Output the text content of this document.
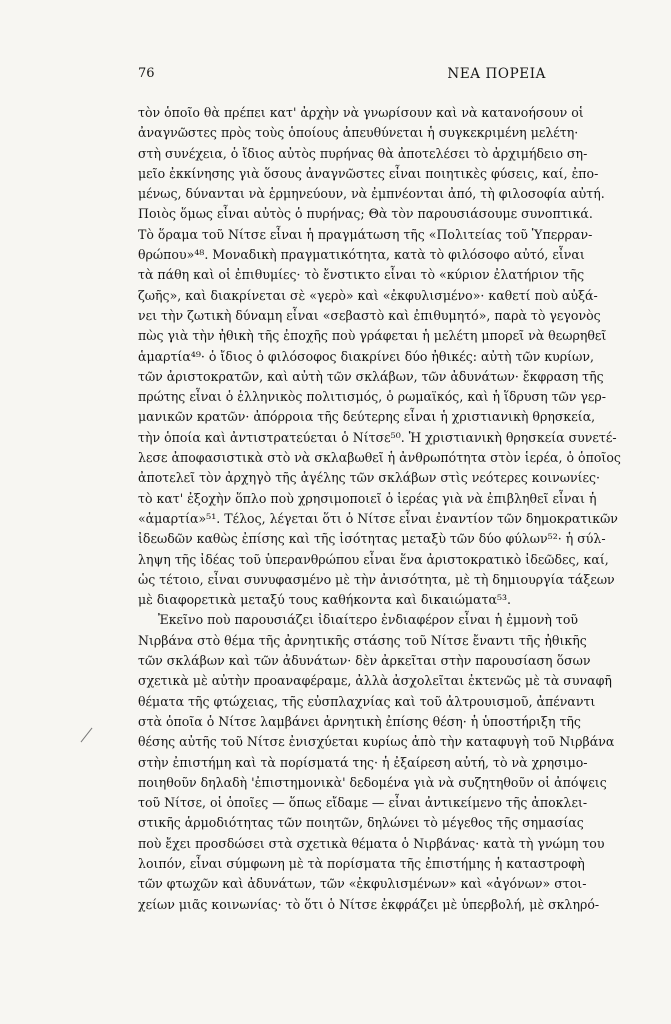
76	ΝΕΑ ΠΟΡΕΙΑ
τὸν ὁποῖο θὰ πρέπει κατ' ἀρχὴν νὰ γνωρίσουν καὶ νὰ κατανοήσουν οἱ
ἀναγνῶστες πρὸς τοὺς ὁποίους ἀπευθύνεται ἡ συγκεκριμένη μελέτη·
στὴ συνέχεια, ὁ ἴδιος αὐτὸς πυρήνας θὰ ἀποτελέσει τὸ ἀρχιμήδειο ση-
μεῖο ἐκκίνησης γιὰ ὅσους ἀναγνῶστες εἶναι ποιητικὲς φύσεις, καί, ἐπο-
μένως, δύνανται νὰ ἑρμηνεύουν, νὰ ἐμπνέονται ἀπό, τὴ φιλοσοφία αὐτή.
Ποιὸς ὅμως εἶναι αὐτὸς ὁ πυρήνας; Θὰ τὸν παρουσιάσουμε συνοπτικά.
Τὸ ὅραμα τοῦ Νίτσε εἶναι ἡ πραγμάτωση τῆς «Πολιτείας τοῦ Ὑπερραν-
θρώπου»⁴⁸. Μοναδικὴ πραγματικότητα, κατὰ τὸ φιλόσοφο αὐτό, εἶναι
τὰ πάθη καὶ οἱ ἐπιθυμίες· τὸ ἔνστικτο εἶναι τὸ «κύριον ἐλατήριον τῆς
ζωῆς», καὶ διακρίνεται σὲ «γερὸ» καὶ «ἐκφυλισμένο»· καθετί ποὺ αὐξά-
νει τὴν ζωτικὴ δύναμη εἶναι «σεβαστὸ καὶ ἐπιθυμητό», παρὰ τὸ γεγονὸς
πὼς γιὰ τὴν ἠθικὴ τῆς ἐποχῆς ποὺ γράφεται ἡ μελέτη μπορεῖ νὰ θεωρηθεῖ
ἁμαρτία⁴⁹· ὁ ἴδιος ὁ φιλόσοφος διακρίνει δύο ἠθικές: αὐτὴ τῶν κυρίων,
τῶν ἀριστοκρατῶν, καὶ αὐτὴ τῶν σκλάβων, τῶν ἀδυνάτων· ἔκφραση τῆς
πρώτης εἶναι ὁ ἑλληνικὸς πολιτισμός, ὁ ρωμαϊκός, καὶ ἡ ἵδρυση τῶν γερ-
μανικῶν κρατῶν· ἀπόρροια τῆς δεύτερης εἶναι ἡ χριστιανικὴ θρησκεία,
τὴν ὁποία καὶ ἀντιστρατεύεται ὁ Νίτσε⁵⁰. Ἡ χριστιανικὴ θρησκεία συνετέ-
λεσε ἀποφασιστικὰ στὸ νὰ σκλαβωθεῖ ἡ ἀνθρωπότητα στὸν ἱερέα, ὁ ὁποῖος
ἀποτελεῖ τὸν ἀρχηγὸ τῆς ἀγέλης τῶν σκλάβων στὶς νεότερες κοινωνίες·
τὸ κατ' ἐξοχὴν ὅπλο ποὺ χρησιμοποιεῖ ὁ ἱερέας γιὰ νὰ ἐπιβληθεῖ εἶναι ἡ
«ἁμαρτία»⁵¹. Τέλος, λέγεται ὅτι ὁ Νίτσε εἶναι ἐναντίον τῶν δημοκρατικῶν
ἰδεωδῶν καθὼς ἐπίσης καὶ τῆς ἰσότητας μεταξὺ τῶν δύο φύλων⁵²· ἡ σύλ-
ληψη τῆς ἰδέας τοῦ ὑπερανθρώπου εἶναι ἕνα ἀριστοκρατικὸ ἰδεῶδες, καί,
ὡς τέτοιο, εἶναι συνυφασμένο μὲ τὴν ἀνισότητα, μὲ τὴ δημιουργία τάξεων
μὲ διαφορετικὰ μεταξύ τους καθήκοντα καὶ δικαιώματα⁵³.
Ἐκεῖνο ποὺ παρουσιάζει ἰδιαίτερο ἐνδιαφέρον εἶναι ἡ ἐμμονὴ τοῦ
Νιρβάνα στὸ θέμα τῆς ἀρνητικῆς στάσης τοῦ Νίτσε ἔναντι τῆς ἠθικῆς
τῶν σκλάβων καὶ τῶν ἀδυνάτων· δὲν ἀρκεῖται στὴν παρουσίαση ὅσων
σχετικὰ μὲ αὐτὴν προαναφέραμε, ἀλλὰ ἀσχολεῖται ἐκτενῶς μὲ τὰ συναφῆ
θέματα τῆς φτώχειας, τῆς εὐσπλαχνίας καὶ τοῦ ἀλτρουισμοῦ, ἀπέναντι
στὰ ὁποῖα ὁ Νίτσε λαμβάνει ἀρνητικὴ ἐπίσης θέση· ἡ ὑποστήριξη τῆς
θέσης αὐτῆς τοῦ Νίτσε ἐνισχύεται κυρίως ἀπὸ τὴν καταφυγὴ τοῦ Νιρβάνα
στὴν ἐπιστήμη καὶ τὰ πορίσματά της· ἡ ἐξαίρεση αὐτή, τὸ νὰ χρησιμο-
ποιηθοῦν δηλαδὴ 'ἐπιστημονικὰ' δεδομένα γιὰ νὰ συζητηθοῦν οἱ ἀπόψεις
τοῦ Νίτσε, οἱ ὁποῖες — ὅπως εἴδαμε — εἶναι ἀντικείμενο τῆς ἀποκλει-
στικῆς ἁρμοδιότητας τῶν ποιητῶν, δηλώνει τὸ μέγεθος τῆς σημασίας
ποὺ ἔχει προσδώσει στὰ σχετικὰ θέματα ὁ Νιρβάνας· κατὰ τὴ γνώμη του
λοιπόν, εἶναι σύμφωνη μὲ τὰ πορίσματα τῆς ἐπιστήμης ἡ καταστροφὴ
τῶν φτωχῶν καὶ ἀδυνάτων, τῶν «ἐκφυλισμένων» καὶ «ἀγόνων» στοι-
χείων μιᾶς κοινωνίας· τὸ ὅτι ὁ Νίτσε ἐκφράζει μὲ ὑπερβολή, μὲ σκληρό-
